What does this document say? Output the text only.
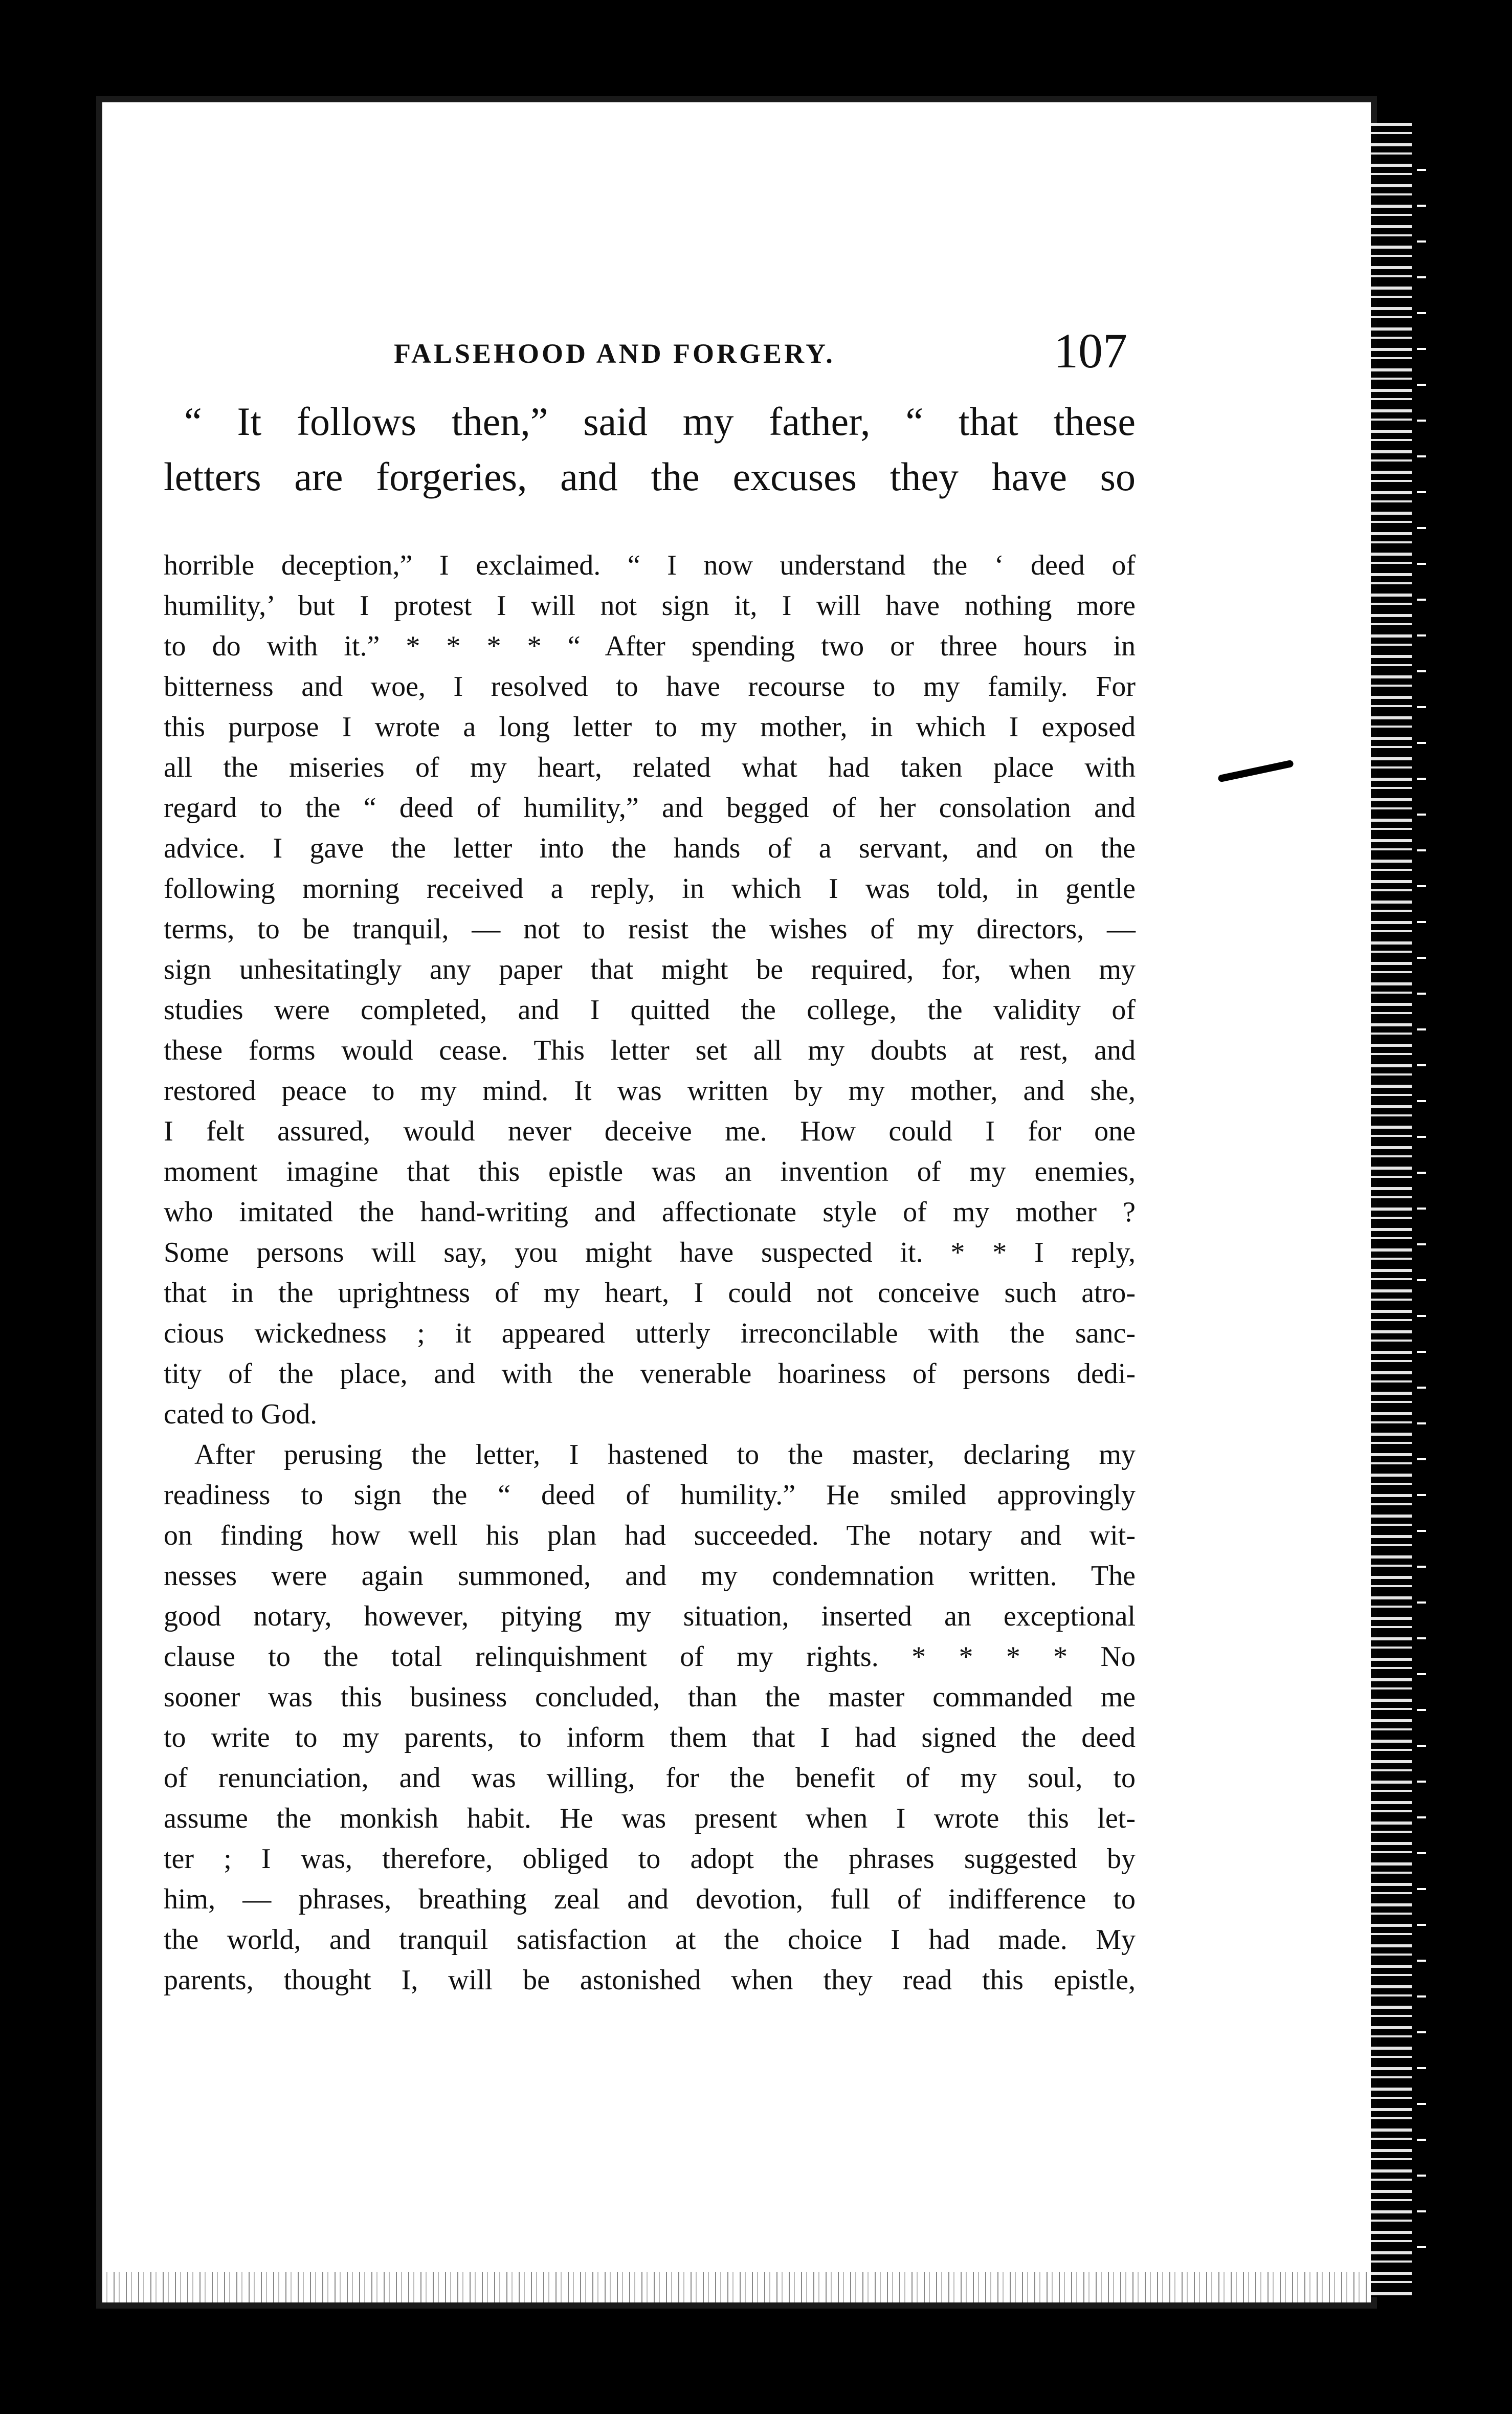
FALSEHOOD AND FORGERY.	107
“ It follows then,” said my father, “ that these
letters are forgeries, and the excuses they have so
horrible deception,” I exclaimed. “ I now understand the ‘ deed of
humility,’ but I protest I will not sign it, I will have nothing more
to do with it.” * * * * “ After spending two or three hours in
bitterness and woe, I resolved to have recourse to my family. For
this purpose I wrote a long letter to my mother, in which I exposed
all the miseries of my heart, related what had taken place with
regard to the “ deed of humility,” and begged of her consolation and
advice. I gave the letter into the hands of a servant, and on the
following morning received a reply, in which I was told, in gentle
terms, to be tranquil, — not to resist the wishes of my directors, —
sign unhesitatingly any paper that might be required, for, when my
studies were completed, and I quitted the college, the validity of
these forms would cease. This letter set all my doubts at rest, and
restored peace to my mind. It was written by my mother, and she,
I felt assured, would never deceive me. How could I for one
moment imagine that this epistle was an invention of my enemies,
who imitated the hand-writing and affectionate style of my mother ?
Some persons will say, you might have suspected it. * * I reply,
that in the uprightness of my heart, I could not conceive such atro-
cious wickedness ; it appeared utterly irreconcilable with the sanc-
tity of the place, and with the venerable hoariness of persons dedi-
cated to God.
After perusing the letter, I hastened to the master, declaring my
readiness to sign the “ deed of humility.” He smiled approvingly
on finding how well his plan had succeeded. The notary and wit-
nesses were again summoned, and my condemnation written. The
good notary, however, pitying my situation, inserted an exceptional
clause to the total relinquishment of my rights. * * * * No
sooner was this business concluded, than the master commanded me
to write to my parents, to inform them that I had signed the deed
of renunciation, and was willing, for the benefit of my soul, to
assume the monkish habit. He was present when I wrote this let-
ter ; I was, therefore, obliged to adopt the phrases suggested by
him, — phrases, breathing zeal and devotion, full of indifference to
the world, and tranquil satisfaction at the choice I had made. My
parents, thought I, will be astonished when they read this epistle,
